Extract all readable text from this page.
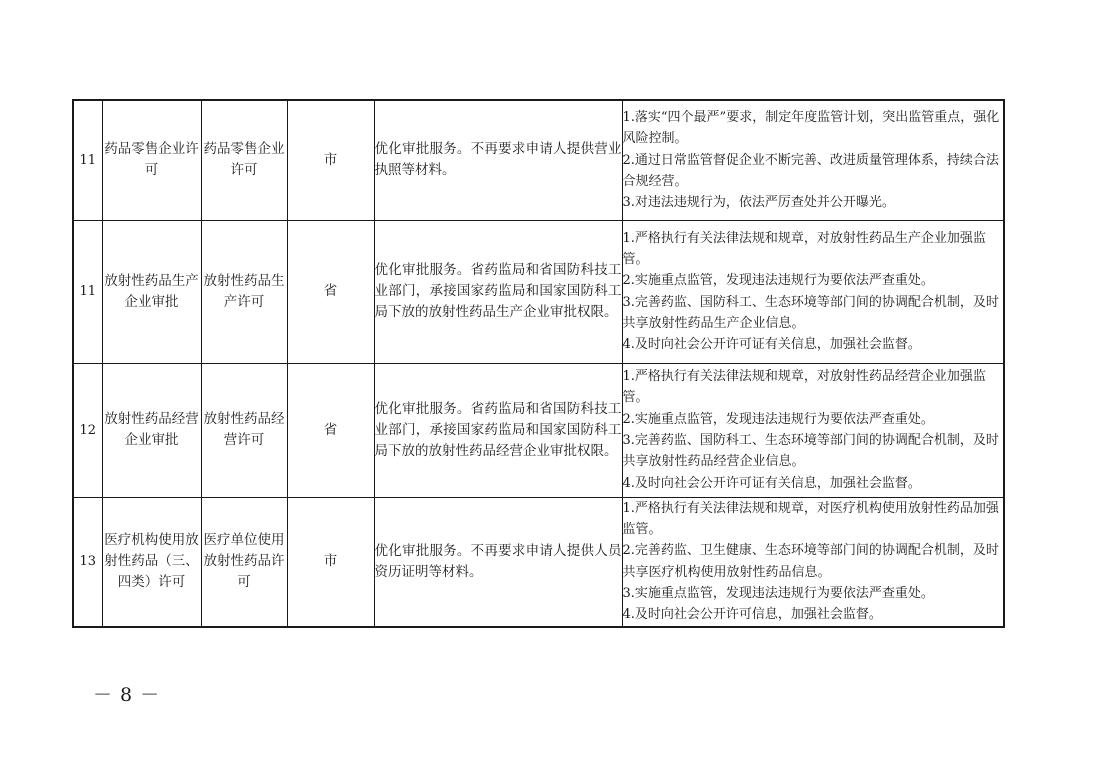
11	药品零售企业许可	药品零售企业许可	市	优化审批服务。不再要求申请人提供营业执照等材料。	1.落实“四个最严”要求，制定年度监管计划，突出监管重点，强化风险控制。
2.通过日常监管督促企业不断完善、改进质量管理体系，持续合法合规经营。
3.对违法违规行为，依法严厉查处并公开曝光。

11	放射性药品生产企业审批	放射性药品生产许可	省	优化审批服务。省药监局和省国防科技工业部门，承接国家药监局和国家国防科工局下放的放射性药品生产企业审批权限。	1.严格执行有关法律法规和规章，对放射性药品生产企业加强监管。
2.实施重点监管，发现违法违规行为要依法严查重处。
3.完善药监、国防科工、生态环境等部门间的协调配合机制，及时共享放射性药品生产企业信息。
4.及时向社会公开许可证有关信息，加强社会监督。

12	放射性药品经营企业审批	放射性药品经营许可	省	优化审批服务。省药监局和省国防科技工业部门，承接国家药监局和国家国防科工局下放的放射性药品经营企业审批权限。	1.严格执行有关法律法规和规章，对放射性药品经营企业加强监管。
2.实施重点监管，发现违法违规行为要依法严查重处。
3.完善药监、国防科工、生态环境等部门间的协调配合机制，及时共享放射性药品经营企业信息。
4.及时向社会公开许可证有关信息，加强社会监督。

13	医疗机构使用放射性药品（三、四类）许可	医疗单位使用放射性药品许可	市	优化审批服务。不再要求申请人提供人员资历证明等材料。	1.严格执行有关法律法规和规章，对医疗机构使用放射性药品加强监管。
2.完善药监、卫生健康、生态环境等部门间的协调配合机制，及时共享医疗机构使用放射性药品信息。
3.实施重点监管，发现违法违规行为要依法严查重处。
4.及时向社会公开许可信息，加强社会监督。
－ 8 －
